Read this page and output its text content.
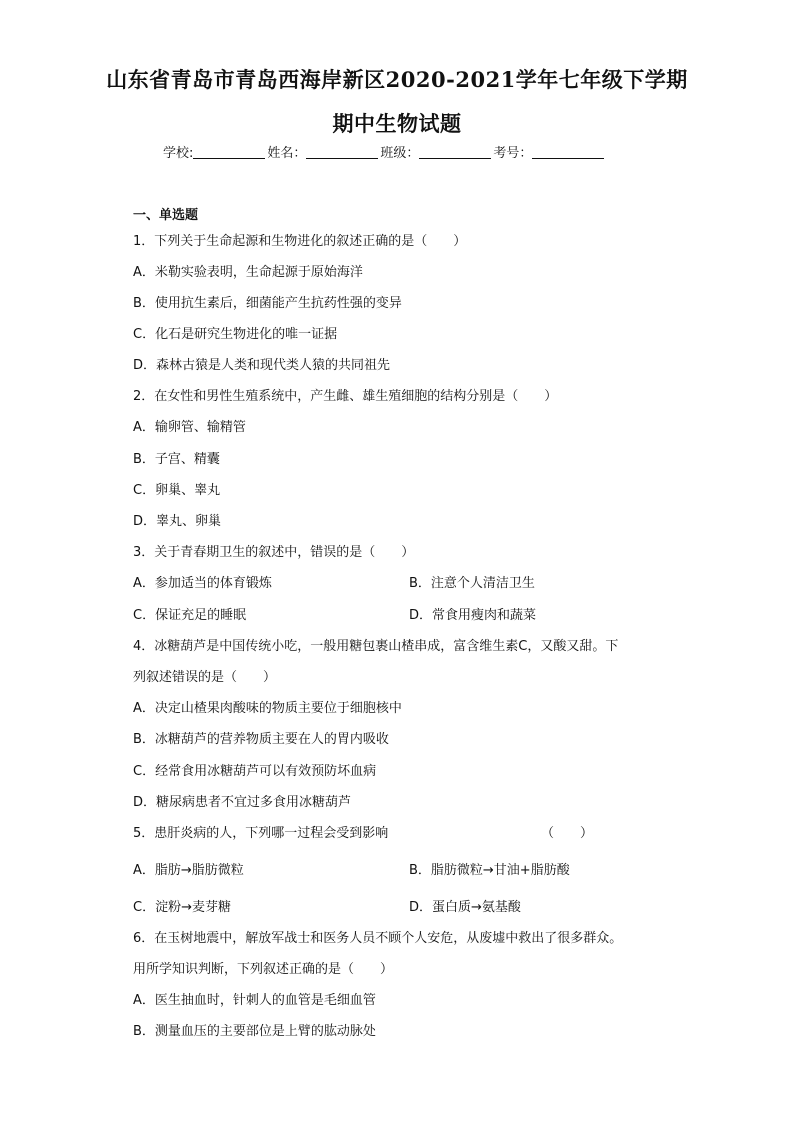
山东省青岛市青岛西海岸新区2020-2021学年七年级下学期
期中生物试题
学校:	姓名：	班级：	考号：
一、单选题
1．下列关于生命起源和生物进化的叙述正确的是（　　）
A．米勒实验表明，生命起源于原始海洋
B．使用抗生素后，细菌能产生抗药性强的变异
C．化石是研究生物进化的唯一证据
D．森林古猿是人类和现代类人猿的共同祖先
2．在女性和男性生殖系统中，产生雌、雄生殖细胞的结构分别是（　　）
A．输卵管、输精管
B．子宫、精囊
C．卵巢、睾丸
D．睾丸、卵巢
3．关于青春期卫生的叙述中，错误的是（　　）
A．参加适当的体育锻炼	B．注意个人清洁卫生
C．保证充足的睡眠	D．常食用瘦肉和蔬菜
4．冰糖葫芦是中国传统小吃，一般用糖包裹山楂串成，富含维生素C，又酸又甜。下
列叙述错误的是（　　）
A．决定山楂果肉酸味的物质主要位于细胞核中
B．冰糖葫芦的营养物质主要在人的胃内吸收
C．经常食用冰糖葫芦可以有效预防坏血病
D．糖尿病患者不宜过多食用冰糖葫芦
5．患肝炎病的人，下列哪一过程会受到影响	（　　）
A．脂肪→脂肪微粒	B．脂肪微粒→甘油+脂肪酸
C．淀粉→麦芽糖	D．蛋白质→氨基酸
6．在玉树地震中，解放军战士和医务人员不顾个人安危，从废墟中救出了很多群众。
用所学知识判断，下列叙述正确的是（　　）
A．医生抽血时，针刺人的血管是毛细血管
B．测量血压的主要部位是上臂的肱动脉处
